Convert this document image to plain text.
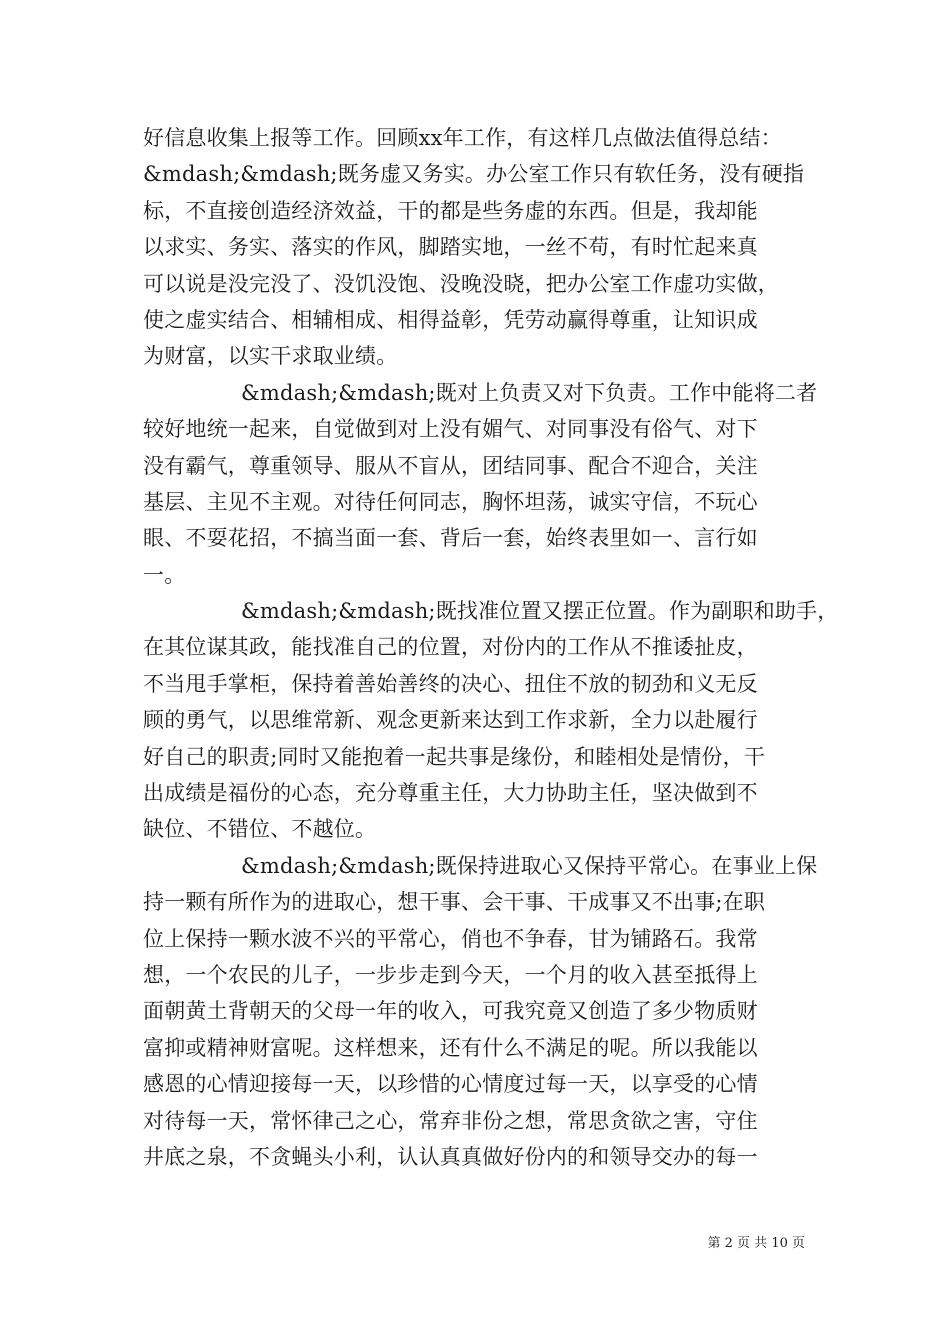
好信息收集上报等工作。回顾xx年工作，有这样几点做法值得总结：
&mdash;&mdash;既务虚又务实。办公室工作只有软任务，没有硬指
标，不直接创造经济效益，干的都是些务虚的东西。但是，我却能
以求实、务实、落实的作风，脚踏实地，一丝不苟，有时忙起来真
可以说是没完没了、没饥没饱、没晚没晓，把办公室工作虚功实做，
使之虚实结合、相辅相成、相得益彰，凭劳动赢得尊重，让知识成
为财富，以实干求取业绩。
&mdash;&mdash;既对上负责又对下负责。工作中能将二者
较好地统一起来，自觉做到对上没有媚气、对同事没有俗气、对下
没有霸气，尊重领导、服从不盲从，团结同事、配合不迎合，关注
基层、主见不主观。对待任何同志，胸怀坦荡，诚实守信，不玩心
眼、不耍花招，不搞当面一套、背后一套，始终表里如一、言行如
一。
&mdash;&mdash;既找准位置又摆正位置。作为副职和助手，
在其位谋其政，能找准自己的位置，对份内的工作从不推诿扯皮，
不当甩手掌柜，保持着善始善终的决心、扭住不放的韧劲和义无反
顾的勇气，以思维常新、观念更新来达到工作求新，全力以赴履行
好自己的职责;同时又能抱着一起共事是缘份，和睦相处是情份，干
出成绩是福份的心态，充分尊重主任，大力协助主任，坚决做到不
缺位、不错位、不越位。
&mdash;&mdash;既保持进取心又保持平常心。在事业上保
持一颗有所作为的进取心，想干事、会干事、干成事又不出事;在职
位上保持一颗水波不兴的平常心，俏也不争春，甘为铺路石。我常
想，一个农民的儿子，一步步走到今天，一个月的收入甚至抵得上
面朝黄土背朝天的父母一年的收入，可我究竟又创造了多少物质财
富抑或精神财富呢。这样想来，还有什么不满足的呢。所以我能以
感恩的心情迎接每一天，以珍惜的心情度过每一天，以享受的心情
对待每一天，常怀律己之心，常弃非份之想，常思贪欲之害，守住
井底之泉，不贪蝇头小利，认认真真做好份内的和领导交办的每一
第 2 页 共 10 页
